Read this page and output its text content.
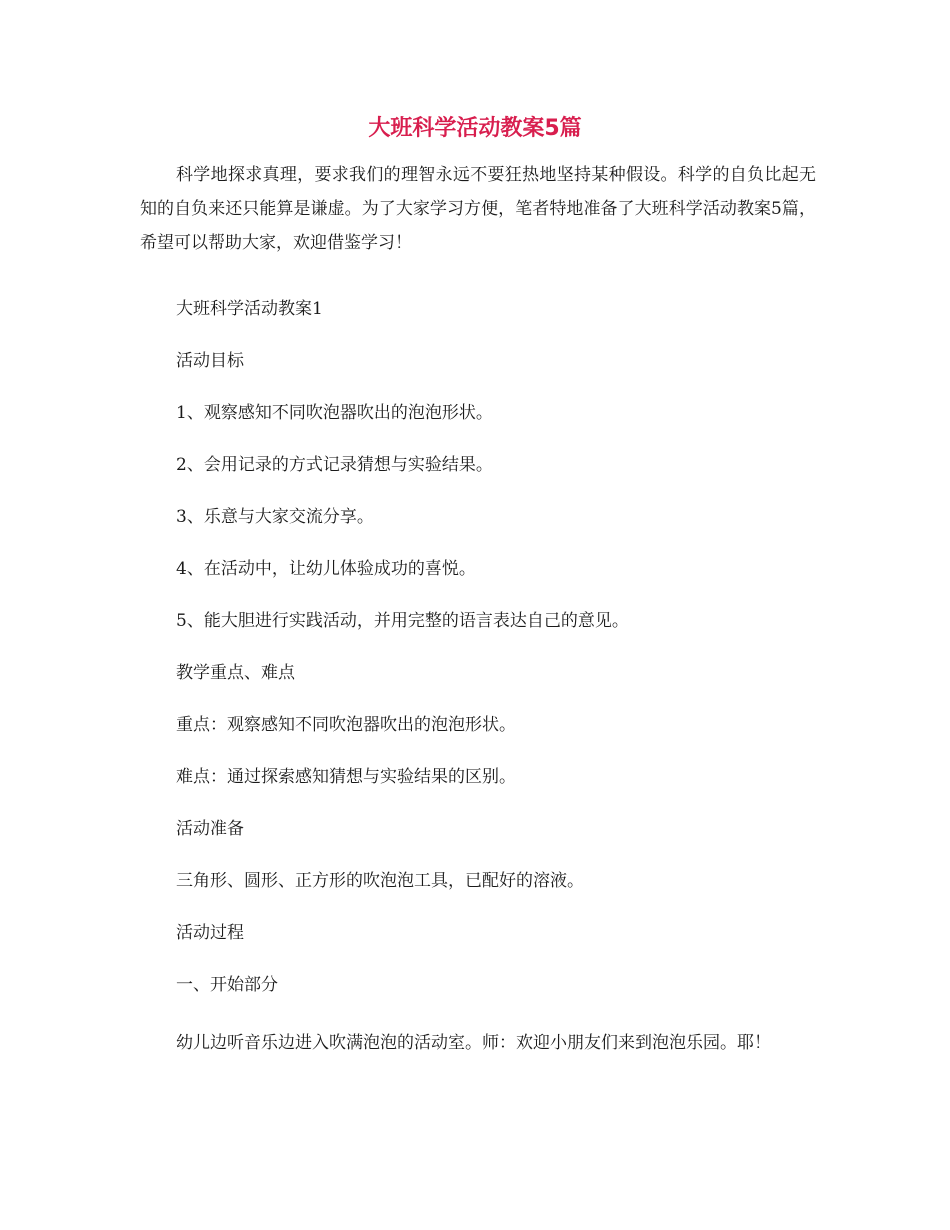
大班科学活动教案5篇

科学地探求真理，要求我们的理智永远不要狂热地坚持某种假设。科学的自负比起无知的自负来还只能算是谦虚。为了大家学习方便，笔者特地准备了大班科学活动教案5篇，希望可以帮助大家，欢迎借鉴学习！

大班科学活动教案1

活动目标

1、观察感知不同吹泡器吹出的泡泡形状。

2、会用记录的方式记录猜想与实验结果。

3、乐意与大家交流分享。

4、在活动中，让幼儿体验成功的喜悦。

5、能大胆进行实践活动，并用完整的语言表达自己的意见。

教学重点、难点

重点：观察感知不同吹泡器吹出的泡泡形状。

难点：通过探索感知猜想与实验结果的区别。

活动准备

三角形、圆形、正方形的吹泡泡工具，已配好的溶液。

活动过程

一、开始部分

幼儿边听音乐边进入吹满泡泡的活动室。师：欢迎小朋友们来到泡泡乐园。耶！
